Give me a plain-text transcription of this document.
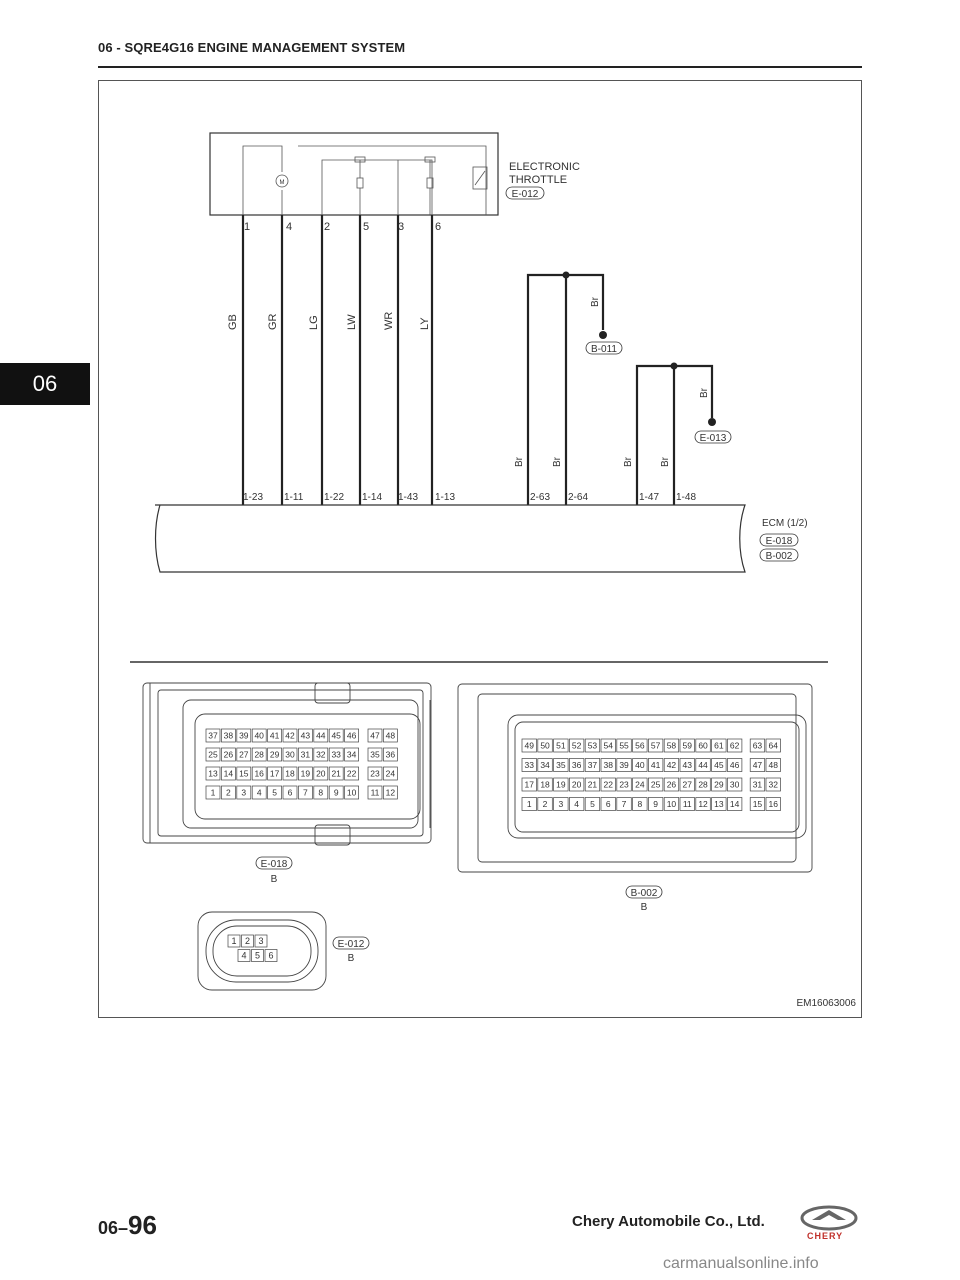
06 - SQRE4G16 ENGINE MANAGEMENT SYSTEM
06
M
ELECTRONIC
THROTTLE
E-012
1	4	2	5	3	6
GB	GR	LG LW WR LY
Br
B-011
Br	Br
Br
E-013
Br	Br
1-23 1-11 1-22 1-14 1-43 1-13	2-63 2-64	1-47 1-48
ECM (1/2)
E-018
B-002
37 38 39 40 41 42 43 44 45 46 47 48
25 26 27 28 29 30 31 32 33 34 35 36
13 14 15 16 17 18 19 20 21 22 23 24
1 2 3 4 5 6 7 8 9 10 11 12
E-018
B
49 50 51 52 53 54 55 56 57 58 59 60 61 62 63 64
33 34 35 36 37 38 39 40 41 42 43 44 45 46 47 48
17 18 19 20 21 22 23 24 25 26 27 28 29 30 31 32
1 2 3 4 5 6 7 8 9 10 11 12 13 14 15 16
B-002
B
1 2 3
4 5 6
E-012
B
EM16063006
06–96	Chery Automobile Co., Ltd.
CHERY
carmanualsonline.info
